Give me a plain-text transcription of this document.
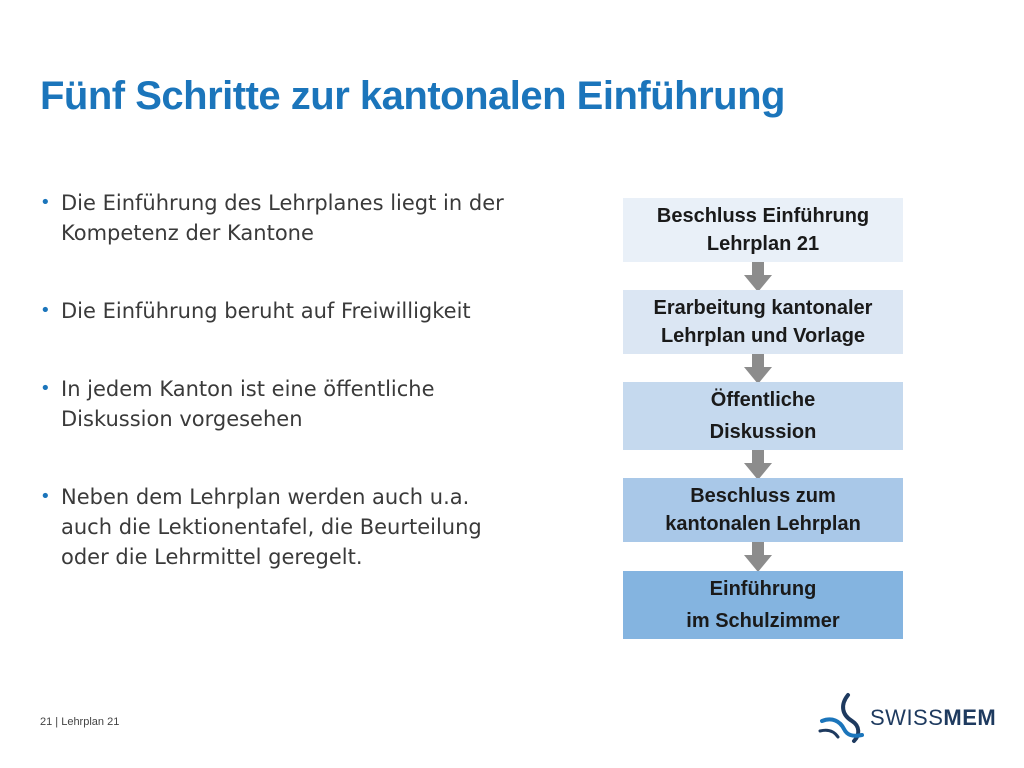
Fünf Schritte zur kantonalen Einführung
• Die Einführung des Lehrplanes liegt in der Kompetenz der Kantone
• Die Einführung beruht auf Freiwilligkeit
• In jedem Kanton ist eine öffentliche Diskussion vorgesehen
• Neben dem Lehrplan werden auch u.a. auch die Lektionentafel, die Beurteilung oder die Lehrmittel geregelt.
Beschluss Einführung
Lehrplan 21
Erarbeitung kantonaler
Lehrplan und Vorlage
Öffentliche
Diskussion
Beschluss zum
kantonalen Lehrplan
Einführung
im Schulzimmer
21 | Lehrplan 21	SWISSMEM
